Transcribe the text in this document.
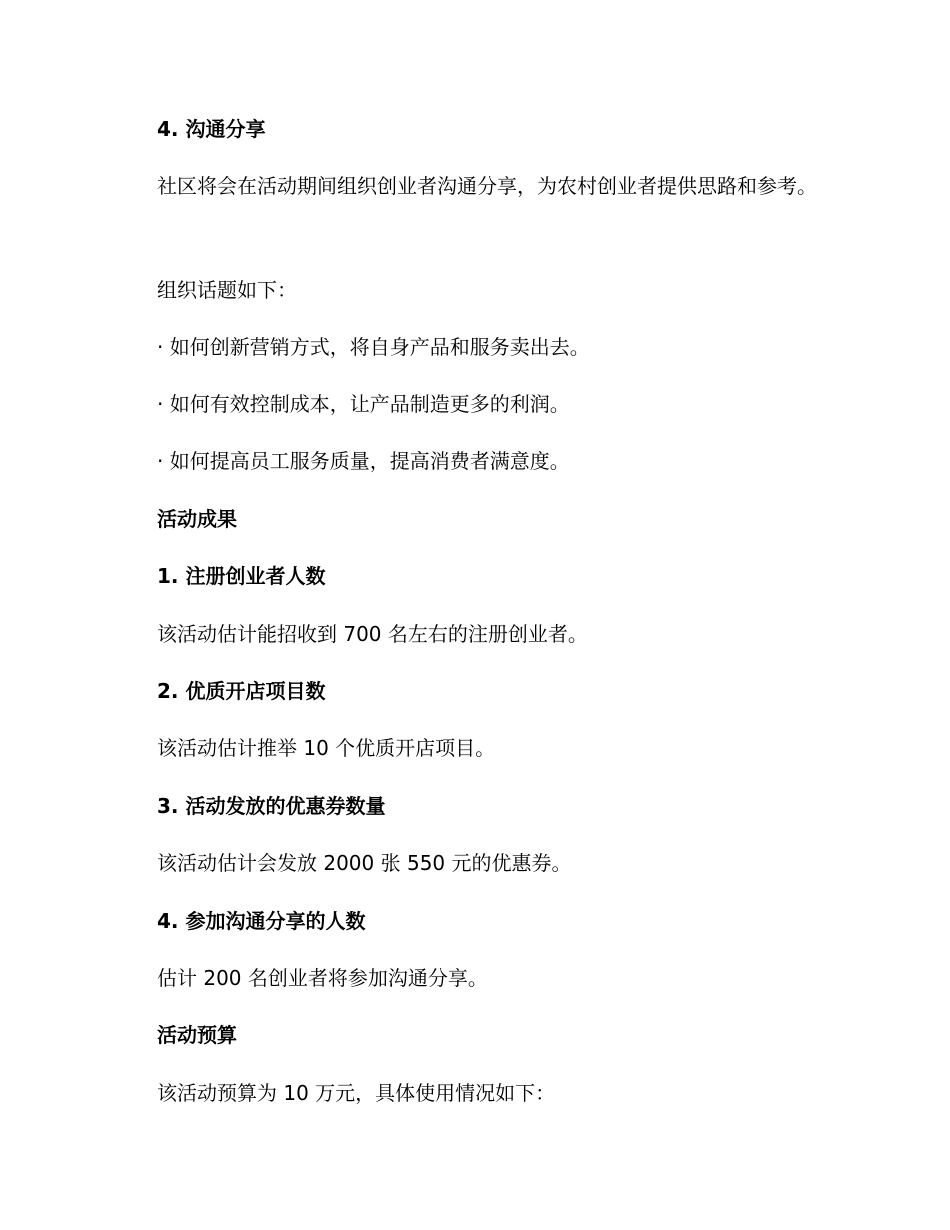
4. 沟通分享
社区将会在活动期间组织创业者沟通分享，为农村创业者提供思路和参考。
组织话题如下：
· 如何创新营销方式，将自身产品和服务卖出去。
· 如何有效控制成本，让产品制造更多的利润。
· 如何提高员工服务质量，提高消费者满意度。
活动成果
1. 注册创业者人数
该活动估计能招收到 700 名左右的注册创业者。
2. 优质开店项目数
该活动估计推举 10 个优质开店项目。
3. 活动发放的优惠券数量
该活动估计会发放 2000 张 550 元的优惠券。
4. 参加沟通分享的人数
估计 200 名创业者将参加沟通分享。
活动预算
该活动预算为 10 万元，具体使用情况如下：
